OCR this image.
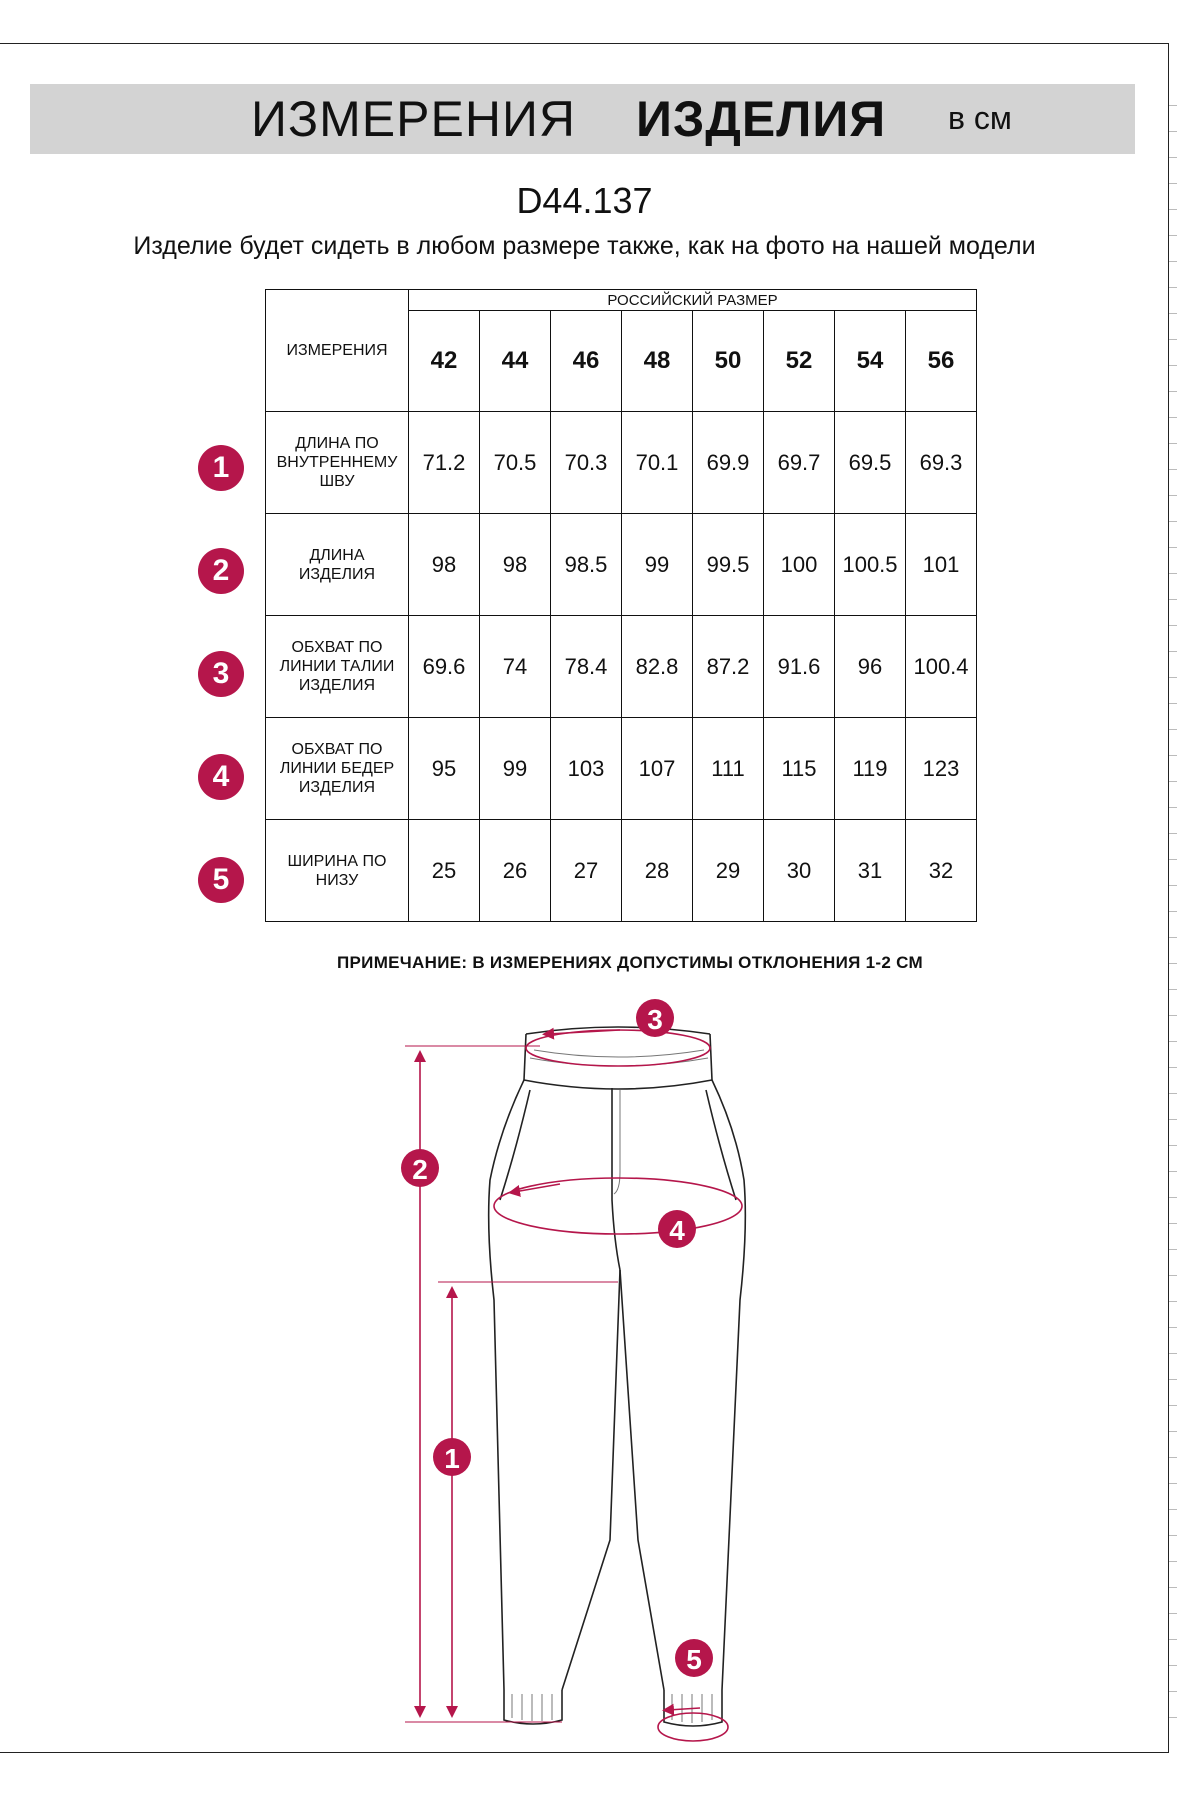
ИЗМЕРЕНИЯ ИЗДЕЛИЯ в см
D44.137
Изделие будет сидеть в любом размере также, как на фото на нашей модели
ИЗМЕРЕНИЯ	РОССИЙСКИЙ РАЗМЕР							
	42	44	46	48	50	52	54	56

ДЛИНА ПО
ВНУТРЕННЕМУ
ШВУ	71.2	70.5	70.3	70.1	69.9	69.7	69.5	69.3

ДЛИНА
ИЗДЕЛИЯ	98	98	98.5	99	99.5	100	100.5	101

ОБХВАТ ПО
ЛИНИИ ТАЛИИ
ИЗДЕЛИЯ	69.6	74	78.4	82.8	87.2	91.6	96	100.4

ОБХВАТ ПО
ЛИНИИ БЕДЕР
ИЗДЕЛИЯ	95	99	103	107	111	115	119	123

ШИРИНА ПО
НИЗУ	25	26	27	28	29	30	31	32
1
2
3
4
5
ПРИМЕЧАНИЕ: В ИЗМЕРЕНИЯХ ДОПУСТИМЫ ОТКЛОНЕНИЯ 1-2 СМ
1
2
3
4
5
